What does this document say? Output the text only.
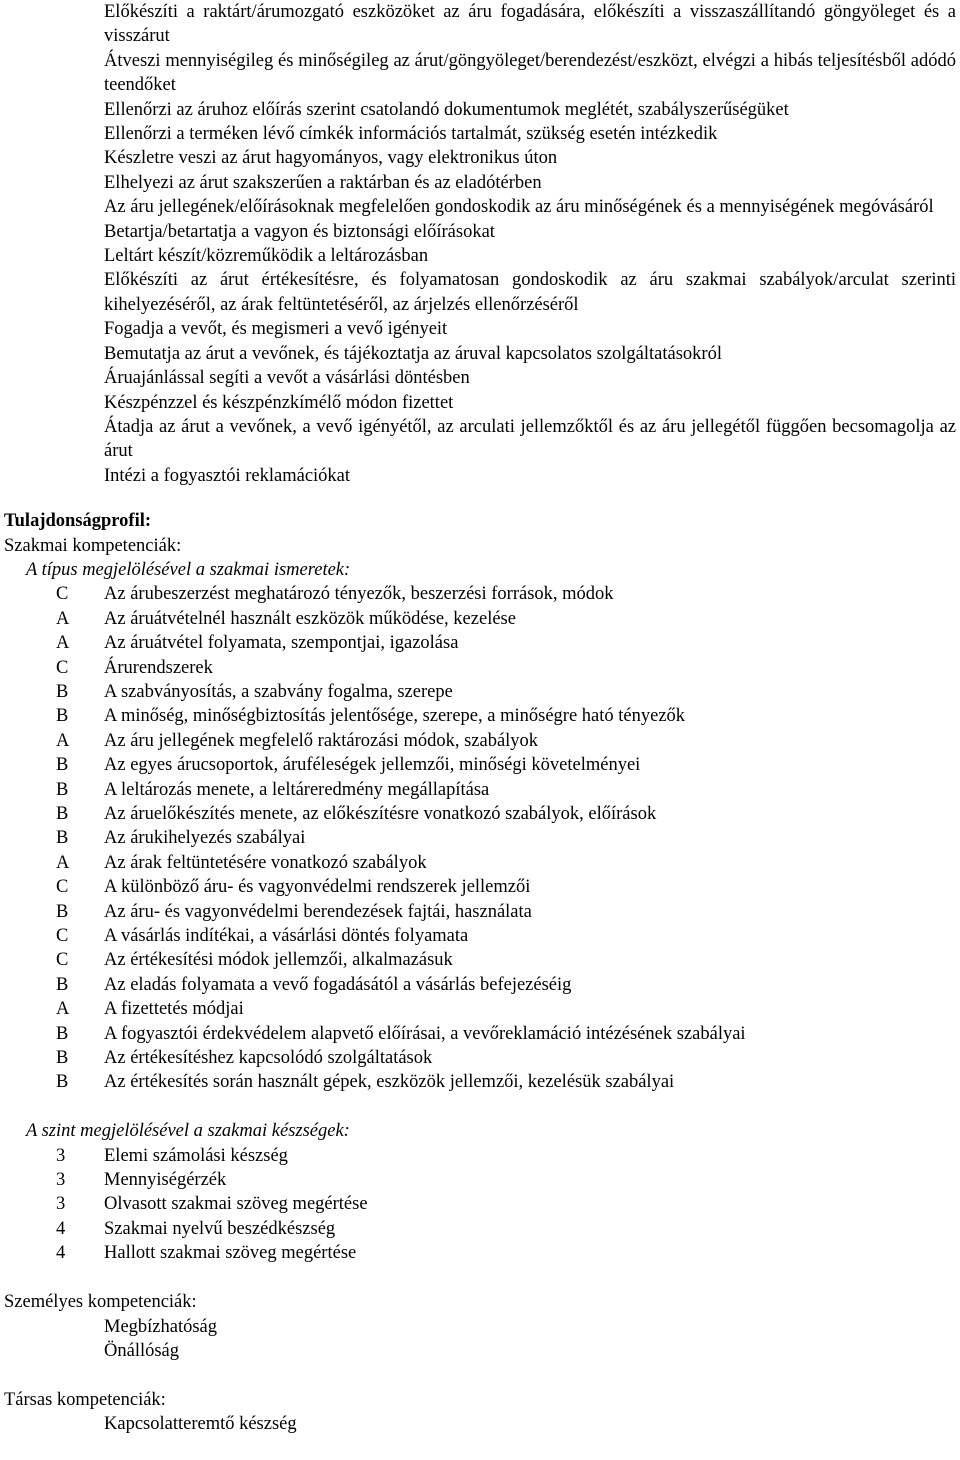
Előkészíti a raktárt/árumozgató eszközöket az áru fogadására, előkészíti a visszaszállítandó göngyöleget és a visszárut
Átveszi mennyiségileg és minőségileg az árut/göngyöleget/berendezést/eszközt, elvégzi a hibás teljesítésből adódó teendőket
Ellenőrzi az áruhoz előírás szerint csatolandó dokumentumok meglétét, szabályszerűségüket
Ellenőrzi a terméken lévő címkék információs tartalmát, szükség esetén intézkedik
Készletre veszi az árut hagyományos, vagy elektronikus úton
Elhelyezi az árut szakszerűen a raktárban és az eladótérben
Az áru jellegének/előírásoknak megfelelően gondoskodik az áru minőségének és a mennyiségének megóvásáról
Betartja/betartatja a vagyon és biztonsági előírásokat
Leltárt készít/közreműködik a leltározásban
Előkészíti az árut értékesítésre, és folyamatosan gondoskodik az áru szakmai szabályok/arculat szerinti kihelyezéséről, az árak feltüntetéséről, az árjelzés ellenőrzéséről
Fogadja a vevőt, és megismeri a vevő igényeit
Bemutatja az árut a vevőnek, és tájékoztatja az áruval kapcsolatos szolgáltatásokról
Áruajánlással segíti a vevőt a vásárlási döntésben
Készpénzzel és készpénzkímélő módon fizettet
Átadja az árut a vevőnek, a vevő igényétől, az arculati jellemzőktől és az áru jellegétől függően becsomagolja az árut
Intézi a fogyasztói reklamációkat
Tulajdonságprofil:
Szakmai kompetenciák:
A típus megjelölésével a szakmai ismeretek:
C	Az árubeszerzést meghatározó tényezők, beszerzési források, módok
A	Az áruátvételnél használt eszközök működése, kezelése
A	Az áruátvétel folyamata, szempontjai, igazolása
C	Árurendszerek
B	A szabványosítás, a szabvány fogalma, szerepe
B	A minőség, minőségbiztosítás jelentősége, szerepe, a minőségre ható tényezők
A	Az áru jellegének megfelelő raktározási módok, szabályok
B	Az egyes árucsoportok, áruféleségek jellemzői, minőségi követelményei
B	A leltározás menete, a leltáreredmény megállapítása
B	Az áruelőkészítés menete, az előkészítésre vonatkozó szabályok, előírások
B	Az árukihelyezés szabályai
A	Az árak feltüntetésére vonatkozó szabályok
C	A különböző áru- és vagyonvédelmi rendszerek jellemzői
B	Az áru- és vagyonvédelmi berendezések fajtái, használata
C	A vásárlás indítékai, a vásárlási döntés folyamata
C	Az értékesítési módok jellemzői, alkalmazásuk
B	Az eladás folyamata a vevő fogadásától a vásárlás befejezéséig
A	A fizettetés módjai
B	A fogyasztói érdekvédelem alapvető előírásai, a vevőreklamáció intézésének szabályai
B	Az értékesítéshez kapcsolódó szolgáltatások
B	Az értékesítés során használt gépek, eszközök jellemzői, kezelésük szabályai
A szint megjelölésével a szakmai készségek:
3	Elemi számolási készség
3	Mennyiségérzék
3	Olvasott szakmai szöveg megértése
4	Szakmai nyelvű beszédkészség
4	Hallott szakmai szöveg megértése
Személyes kompetenciák:
Megbízhatóság
Önállóság
Társas kompetenciák:
Kapcsolatteremtő készség
